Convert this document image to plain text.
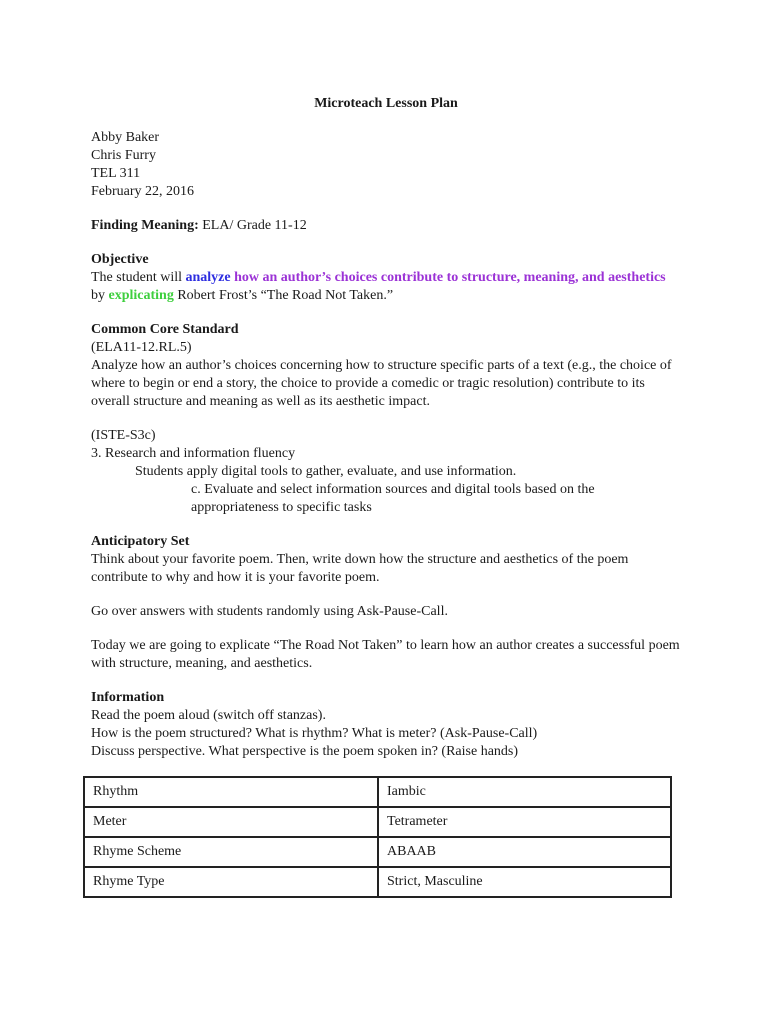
Microteach Lesson Plan

Abby Baker

Chris Furry

TEL 311

February 22, 2016

Finding Meaning: ELA/ Grade 11-12

Objective

The student will analyze how an author’s choices contribute to structure, meaning, and aesthetics by explicating Robert Frost’s “The Road Not Taken.”

Common Core Standard

(ELA11-12.RL.5)

Analyze how an author’s choices concerning how to structure specific parts of a text (e.g., the choice of where to begin or end a story, the choice to provide a comedic or tragic resolution) contribute to its overall structure and meaning as well as its aesthetic impact.

(ISTE-S3c)

3. Research and information fluency

Students apply digital tools to gather, evaluate, and use information.

c. Evaluate and select information sources and digital tools based on the appropriateness to specific tasks

Anticipatory Set

Think about your favorite poem. Then, write down how the structure and aesthetics of the poem contribute to why and how it is your favorite poem.

Go over answers with students randomly using Ask-Pause-Call.

Today we are going to explicate “The Road Not Taken” to learn how an author creates a successful poem with structure, meaning, and aesthetics.

Information

Read the poem aloud (switch off stanzas).

How is the poem structured? What is rhythm? What is meter? (Ask-Pause-Call)

Discuss perspective. What perspective is the poem spoken in? (Raise hands)

Rhythm	Iambic
Meter	Tetrameter
Rhyme Scheme	ABAAB
Rhyme Type	Strict, Masculine
